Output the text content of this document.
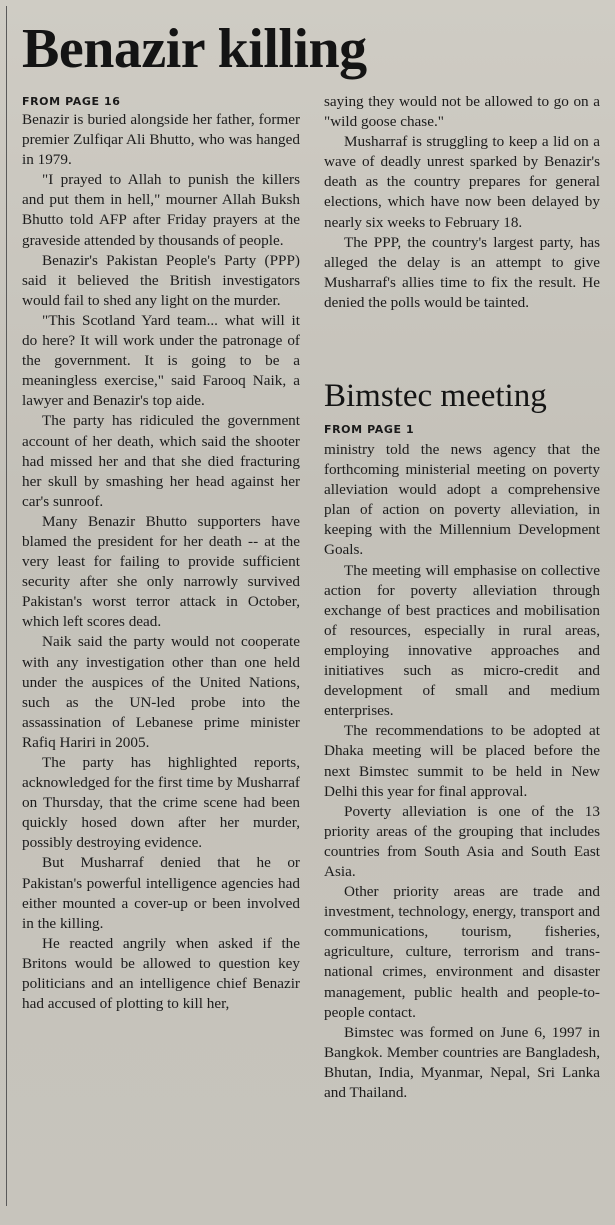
Benazir killing
FROM PAGE 16

Benazir is buried alongside her father, former premier Zulfiqar Ali Bhutto, who was hanged in 1979.

"I prayed to Allah to punish the killers and put them in hell," mourner Allah Buksh Bhutto told AFP after Friday prayers at the graveside attended by thousands of people.

Benazir's Pakistan People's Party (PPP) said it believed the British investigators would fail to shed any light on the murder.

"This Scotland Yard team... what will it do here? It will work under the patronage of the government. It is going to be a meaningless exercise," said Farooq Naik, a lawyer and Benazir's top aide.

The party has ridiculed the government account of her death, which said the shooter had missed her and that she died fracturing her skull by smashing her head against her car's sunroof.

Many Benazir Bhutto supporters have blamed the president for her death -- at the very least for failing to provide sufficient security after she only narrowly survived Pakistan's worst terror attack in October, which left scores dead.

Naik said the party would not cooperate with any investigation other than one held under the auspices of the United Nations, such as the UN-led probe into the assassination of Lebanese prime minister Rafiq Hariri in 2005.

The party has highlighted reports, acknowledged for the first time by Musharraf on Thursday, that the crime scene had been quickly hosed down after her murder, possibly destroying evidence.

But Musharraf denied that he or Pakistan's powerful intelligence agencies had either mounted a cover-up or been involved in the killing.

He reacted angrily when asked if the Britons would be allowed to question key politicians and an intelligence chief Benazir had accused of plotting to kill her,

saying they would not be allowed to go on a "wild goose chase."

Musharraf is struggling to keep a lid on a wave of deadly unrest sparked by Benazir's death as the country prepares for general elections, which have now been delayed by nearly six weeks to February 18.

The PPP, the country's largest party, has alleged the delay is an attempt to give Musharraf's allies time to fix the result. He denied the polls would be tainted.

Bimstec meeting
FROM PAGE 1

ministry told the news agency that the forthcoming ministerial meeting on poverty alleviation would adopt a comprehensive plan of action on poverty alleviation, in keeping with the Millennium Development Goals.

The meeting will emphasise on collective action for poverty alleviation through exchange of best practices and mobilisation of resources, especially in rural areas, employing innovative approaches and initiatives such as micro-credit and development of small and medium enterprises.

The recommendations to be adopted at Dhaka meeting will be placed before the next Bimstec summit to be held in New Delhi this year for final approval.

Poverty alleviation is one of the 13 priority areas of the grouping that includes countries from South Asia and South East Asia.

Other priority areas are trade and investment, technology, energy, transport and communications, tourism, fisheries, agriculture, culture, terrorism and trans-national crimes, environment and disaster management, public health and people-to-people contact.

Bimstec was formed on June 6, 1997 in Bangkok. Member countries are Bangladesh, Bhutan, India, Myanmar, Nepal, Sri Lanka and Thailand.
